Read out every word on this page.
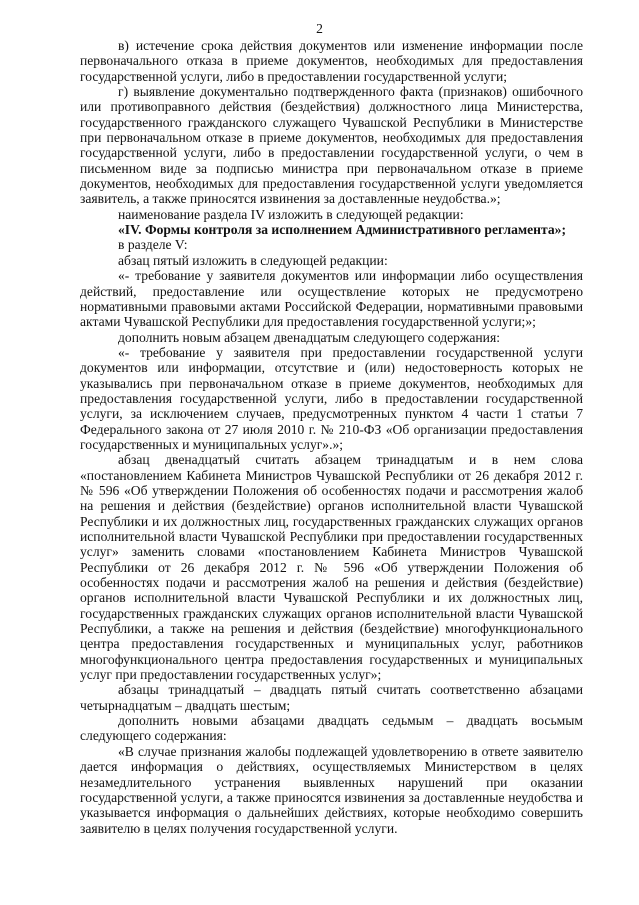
2

в) истечение срока действия документов или изменение информации после первоначального отказа в приеме документов, необходимых для предоставления государственной услуги, либо в предоставлении государственной услуги;

г) выявление документально подтвержденного факта (признаков) ошибочного или противоправного действия (бездействия) должностного лица Министерства, государственного гражданского служащего Чувашской Республики в Министерстве при первоначальном отказе в приеме документов, необходимых для предоставления государственной услуги, либо в предоставлении государственной услуги, о чем в письменном виде за подписью министра при первоначальном отказе в приеме документов, необходимых для предоставления государственной услуги уведомляется заявитель, а также приносятся извинения за доставленные неудобства.»;

наименование раздела IV изложить в следующей редакции:

«IV. Формы контроля за исполнением Административного регламента»;

в разделе V:

абзац пятый изложить в следующей редакции:

«- требование у заявителя документов или информации либо осуществления действий, предоставление или осуществление которых не предусмотрено нормативными правовыми актами Российской Федерации, нормативными правовыми актами Чувашской Республики для предоставления государственной услуги;»;

дополнить новым абзацем двенадцатым следующего содержания:

«- требование у заявителя при предоставлении государственной услуги документов или информации, отсутствие и (или) недостоверность которых не указывались при первоначальном отказе в приеме документов, необходимых для предоставления государственной услуги, либо в предоставлении государственной услуги, за исключением случаев, предусмотренных пунктом 4 части 1 статьи 7 Федерального закона от 27 июля 2010 г. № 210-ФЗ «Об организации предоставления государственных и муниципальных услуг».»;

абзац двенадцатый считать абзацем тринадцатым и в нем слова «постановлением Кабинета Министров Чувашской Республики от 26 декабря 2012 г. № 596 «Об утверждении Положения об особенностях подачи и рассмотрения жалоб на решения и действия (бездействие) органов исполнительной власти Чувашской Республики и их должностных лиц, государственных гражданских служащих органов исполнительной власти Чувашской Республики при предоставлении государственных услуг» заменить словами «постановлением Кабинета Министров Чувашской Республики от 26 декабря 2012 г. № 596 «Об утверждении Положения об особенностях подачи и рассмотрения жалоб на решения и действия (бездействие) органов исполнительной власти Чувашской Республики и их должностных лиц, государственных гражданских служащих органов исполнительной власти Чувашской Республики, а также на решения и действия (бездействие) многофункционального центра предоставления государственных и муниципальных услуг, работников многофункционального центра предоставления государственных и муниципальных услуг при предоставлении государственных услуг»;

абзацы тринадцатый – двадцать пятый считать соответственно абзацами четырнадцатым – двадцать шестым;

дополнить новыми абзацами двадцать седьмым – двадцать восьмым следующего содержания:

«В случае признания жалобы подлежащей удовлетворению в ответе заявителю дается информация о действиях, осуществляемых Министерством в целях незамедлительного устранения выявленных нарушений при оказании государственной услуги, а также приносятся извинения за доставленные неудобства и указывается информация о дальнейших действиях, которые необходимо совершить заявителю в целях получения государственной услуги.
